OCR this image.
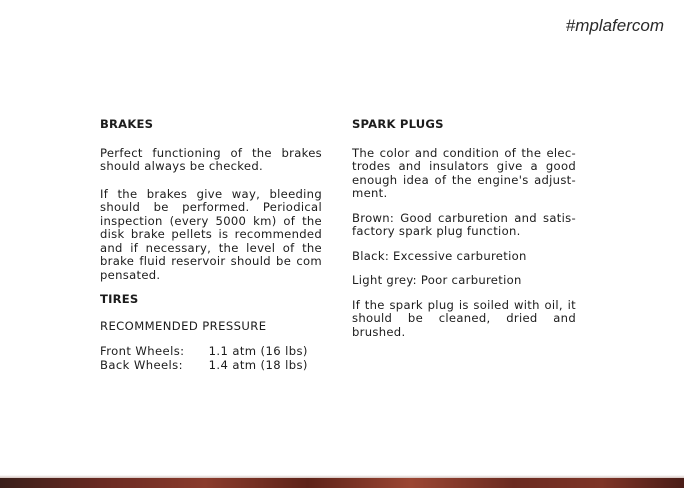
#mplafercom
BRAKES

Perfect functioning of the brakes should always be checked.

If the brakes give way, bleeding should be performed. Periodical inspection (every 5000 km) of the disk brake pellets is recommended and if necessary, the level of the brake fluid reservoir should be com pensated.

TIRES
RECOMMENDED PRESSURE
Front Wheels:	1.1 atm (16 lbs)
Back Wheels:	1.4 atm (18 lbs)
SPARK PLUGS

The color and condition of the elec- trodes and insulators give a good enough idea of the engine's adjust- ment.

Brown: Good carburetion and satis- factory spark plug function.

Black: Excessive carburetion

Light grey: Poor carburetion

If the spark plug is soiled with oil, it should be cleaned, dried and brushed.
